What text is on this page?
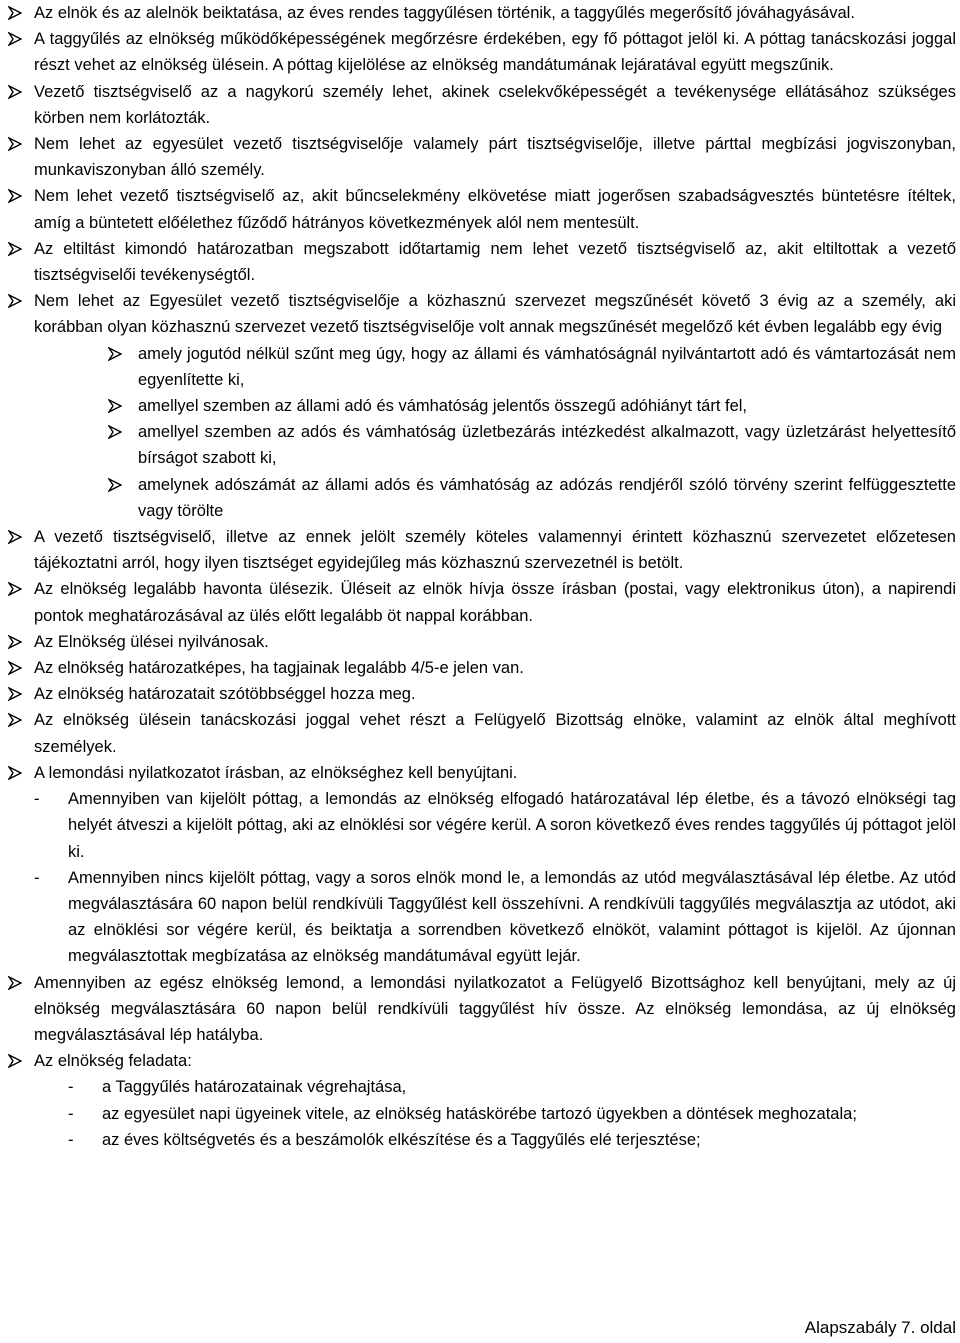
Az elnök és az alelnök beiktatása, az éves rendes taggyűlésen történik, a taggyűlés megerősítő jóváhagyásával.
A taggyűlés az elnökség működőképességének megőrzésre érdekében, egy fő póttagot jelöl ki. A póttag tanácskozási joggal részt vehet az elnökség ülésein. A póttag kijelölése az elnökség mandátumának lejáratával együtt megszűnik.
Vezető tisztségviselő az a nagykorú személy lehet, akinek cselekvőképességét a tevékenysége ellátásához szükséges körben nem korlátozták.
Nem lehet az egyesület vezető tisztségviselője valamely párt tisztségviselője, illetve párttal megbízási jogviszonyban, munkaviszonyban álló személy.
Nem lehet vezető tisztségviselő az, akit bűncselekmény elkövetése miatt jogerősen szabadságvesztés büntetésre ítéltek, amíg a büntetett előélethez fűződő hátrányos következmények alól nem mentesült.
Az eltiltást kimondó határozatban megszabott időtartamig nem lehet vezető tisztségviselő az, akit eltiltottak a vezető tisztségviselői tevékenységtől.
Nem lehet az Egyesület vezető tisztségviselője a közhasznú szervezet megszűnését követő 3 évig az a személy, aki korábban olyan közhasznú szervezet vezető tisztségviselője volt annak megszűnését megelőző két évben legalább egy évig
amely jogutód nélkül szűnt meg úgy, hogy az állami és vámhatóságnál nyilvántartott adó és vámtartozását nem egyenlítette ki,
amellyel szemben az állami adó és vámhatóság jelentős összegű adóhiányt tárt fel,
amellyel szemben az adós és vámhatóság üzletbezárás intézkedést alkalmazott, vagy üzletzárást helyettesítő bírságot szabott ki,
amelynek adószámát az állami adós és vámhatóság az adózás rendjéről szóló törvény szerint felfüggesztette vagy törölte
A vezető tisztségviselő, illetve az ennek jelölt személy köteles valamennyi érintett közhasznú szervezetet előzetesen tájékoztatni arról, hogy ilyen tisztséget egyidejűleg más közhasznú szervezetnél is betölt.
Az elnökség legalább havonta ülésezik. Üléseit az elnök hívja össze írásban (postai, vagy elektronikus úton), a napirendi pontok meghatározásával az ülés előtt legalább öt nappal korábban.
Az Elnökség ülései nyilvánosak.
Az elnökség határozatképes, ha tagjainak legalább 4/5-e jelen van.
Az elnökség határozatait szótöbbséggel hozza meg.
Az elnökség ülésein tanácskozási joggal vehet részt a Felügyelő Bizottság elnöke, valamint az elnök által meghívott személyek.
A lemondási nyilatkozatot írásban, az elnökséghez kell benyújtani.
- Amennyiben van kijelölt póttag, a lemondás az elnökség elfogadó határozatával lép életbe, és a távozó elnökségi tag helyét átveszi a kijelölt póttag, aki az elnöklési sor végére kerül. A soron következő éves rendes taggyűlés új póttagot jelöl ki.
- Amennyiben nincs kijelölt póttag, vagy a soros elnök mond le, a lemondás az utód megválasztásával lép életbe. Az utód megválasztására 60 napon belül rendkívüli Taggyűlést kell összehívni. A rendkívüli taggyűlés megválasztja az utódot, aki az elnöklési sor végére kerül, és beiktatja a sorrendben következő elnököt, valamint póttagot is kijelöl. Az újonnan megválasztottak megbízatása az elnökség mandátumával együtt lejár.
Amennyiben az egész elnökség lemond, a lemondási nyilatkozatot a Felügyelő Bizottsághoz kell benyújtani, mely az új elnökség megválasztására 60 napon belül rendkívüli taggyűlést hív össze. Az elnökség lemondása, az új elnökség megválasztásával lép hatályba.
Az elnökség feladata:
- a Taggyűlés határozatainak végrehajtása,
- az egyesület napi ügyeinek vitele, az elnökség hatáskörébe tartozó ügyekben a döntések meghozatala;
- az éves költségvetés és a beszámolók elkészítése és a Taggyűlés elé terjesztése;
Alapszabály 7. oldal
